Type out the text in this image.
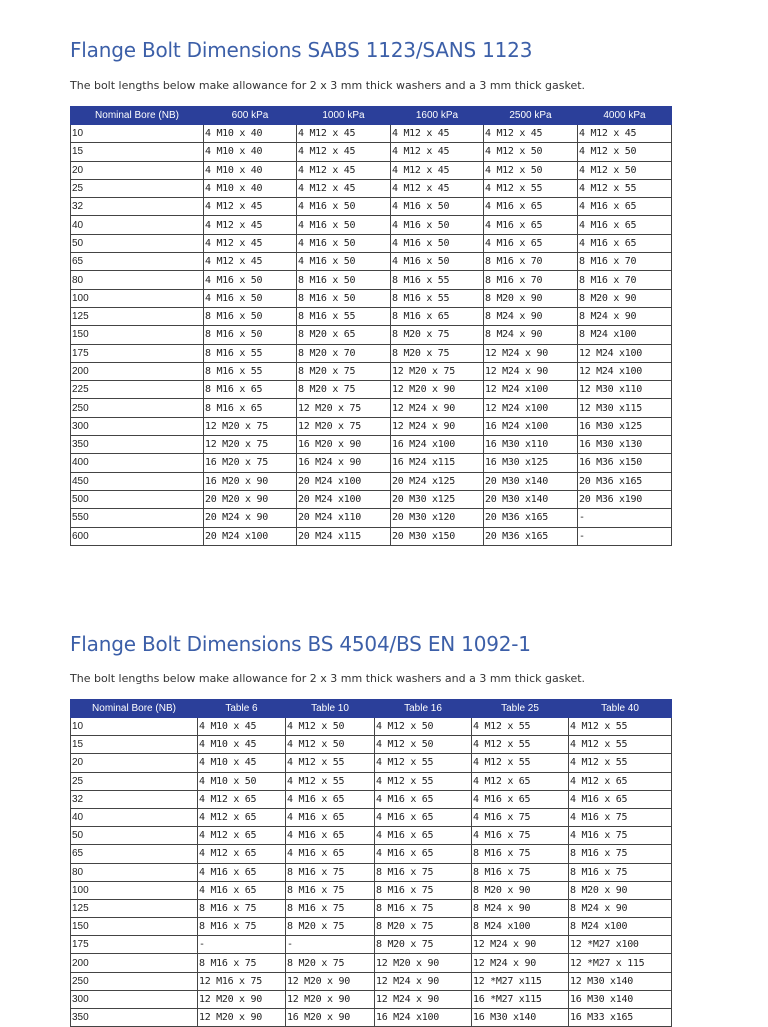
Flange Bolt Dimensions SABS 1123/SANS 1123

The bolt lengths below make allowance for 2 x 3 mm thick washers and a 3 mm thick gasket.

Nominal Bore (NB)	600 kPa	1000 kPa	1600 kPa	2500 kPa	4000 kPa
10	4 M10 x 40	4 M12 x 45	4 M12 x 45	4 M12 x 45	4 M12 x 45
15	4 M10 x 40	4 M12 x 45	4 M12 x 45	4 M12 x 50	4 M12 x 50
20	4 M10 x 40	4 M12 x 45	4 M12 x 45	4 M12 x 50	4 M12 x 50
25	4 M10 x 40	4 M12 x 45	4 M12 x 45	4 M12 x 55	4 M12 x 55
32	4 M12 x 45	4 M16 x 50	4 M16 x 50	4 M16 x 65	4 M16 x 65
40	4 M12 x 45	4 M16 x 50	4 M16 x 50	4 M16 x 65	4 M16 x 65
50	4 M12 x 45	4 M16 x 50	4 M16 x 50	4 M16 x 65	4 M16 x 65
65	4 M12 x 45	4 M16 x 50	4 M16 x 50	8 M16 x 70	8 M16 x 70
80	4 M16 x 50	8 M16 x 50	8 M16 x 55	8 M16 x 70	8 M16 x 70
100	4 M16 x 50	8 M16 x 50	8 M16 x 55	8 M20 x 90	8 M20 x 90
125	8 M16 x 50	8 M16 x 55	8 M16 x 65	8 M24 x 90	8 M24 x 90
150	8 M16 x 50	8 M20 x 65	8 M20 x 75	8 M24 x 90	8 M24 x100
175	8 M16 x 55	8 M20 x 70	8 M20 x 75	12 M24 x 90	12 M24 x100
200	8 M16 x 55	8 M20 x 75	12 M20 x 75	12 M24 x 90	12 M24 x100
225	8 M16 x 65	8 M20 x 75	12 M20 x 90	12 M24 x100	12 M30 x110
250	8 M16 x 65	12 M20 x 75	12 M24 x 90	12 M24 x100	12 M30 x115
300	12 M20 x 75	12 M20 x 75	12 M24 x 90	16 M24 x100	16 M30 x125
350	12 M20 x 75	16 M20 x 90	16 M24 x100	16 M30 x110	16 M30 x130
400	16 M20 x 75	16 M24 x 90	16 M24 x115	16 M30 x125	16 M36 x150
450	16 M20 x 90	20 M24 x100	20 M24 x125	20 M30 x140	20 M36 x165
500	20 M20 x 90	20 M24 x100	20 M30 x125	20 M30 x140	20 M36 x190
550	20 M24 x 90	20 M24 x110	20 M30 x120	20 M36 x165	-
600	20 M24 x100	20 M24 x115	20 M30 x150	20 M36 x165	-
Flange Bolt Dimensions BS 4504/BS EN 1092-1

The bolt lengths below make allowance for 2 x 3 mm thick washers and a 3 mm thick gasket.

Nominal Bore (NB)	Table 6	Table 10	Table 16	Table 25	Table 40
10	4 M10 x 45	4 M12 x 50	4 M12 x 50	4 M12 x 55	4 M12 x 55
15	4 M10 x 45	4 M12 x 50	4 M12 x 50	4 M12 x 55	4 M12 x 55
20	4 M10 x 45	4 M12 x 55	4 M12 x 55	4 M12 x 55	4 M12 x 55
25	4 M10 x 50	4 M12 x 55	4 M12 x 55	4 M12 x 65	4 M12 x 65
32	4 M12 x 65	4 M16 x 65	4 M16 x 65	4 M16 x 65	4 M16 x 65
40	4 M12 x 65	4 M16 x 65	4 M16 x 65	4 M16 x 75	4 M16 x 75
50	4 M12 x 65	4 M16 x 65	4 M16 x 65	4 M16 x 75	4 M16 x 75
65	4 M12 x 65	4 M16 x 65	4 M16 x 65	8 M16 x 75	8 M16 x 75
80	4 M16 x 65	8 M16 x 75	8 M16 x 75	8 M16 x 75	8 M16 x 75
100	4 M16 x 65	8 M16 x 75	8 M16 x 75	8 M20 x 90	8 M20 x 90
125	8 M16 x 75	8 M16 x 75	8 M16 x 75	8 M24 x 90	8 M24 x 90
150	8 M16 x 75	8 M20 x 75	8 M20 x 75	8 M24 x100	8 M24 x100
175	-	-	8 M20 x 75	12 M24 x 90	12 *M27 x100
200	8 M16 x 75	8 M20 x 75	12 M20 x 90	12 M24 x 90	12 *M27 x 115
250	12 M16 x 75	12 M20 x 90	12 M24 x 90	12 *M27 x115	12 M30 x140
300	12 M20 x 90	12 M20 x 90	12 M24 x 90	16 *M27 x115	16 M30 x140
350	12 M20 x 90	16 M20 x 90	16 M24 x100	16 M30 x140	16 M33 x165
